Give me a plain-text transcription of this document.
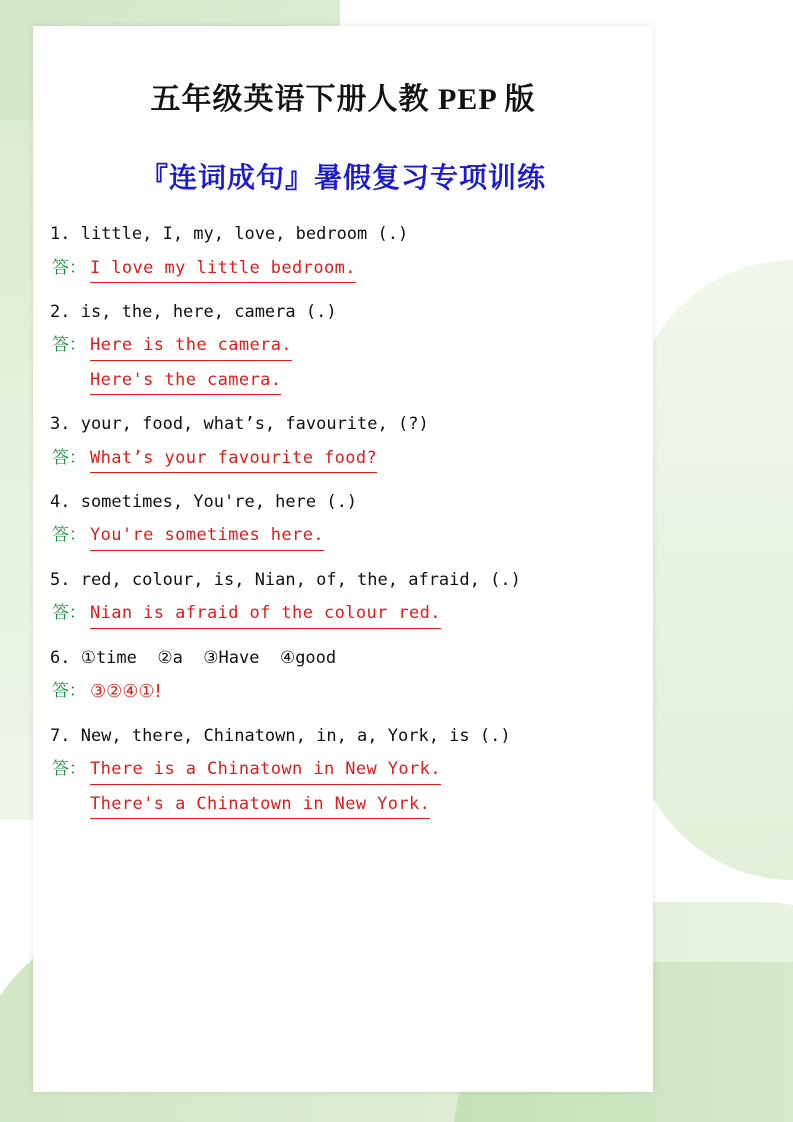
五年级英语下册人教 PEP 版
『连词成句』暑假复习专项训练
1. little, I, my, love, bedroom (.)
答： I love my little bedroom.
2. is, the, here, camera (.)
答： Here is the camera.
Here's the camera.
3. your, food, what’s, favourite, (?)
答： What’s your favourite food?
4. sometimes, You're, here (.)
答： You're sometimes here.
5. red, colour, is, Nian, of, the, afraid, (.)
答： Nian is afraid of the colour red.
6. ①time  ②a  ③Have  ④good
答： ③②④①!
7. New, there, Chinatown, in, a, York, is (.)
答： There is a Chinatown in New York.
There's a Chinatown in New York.
